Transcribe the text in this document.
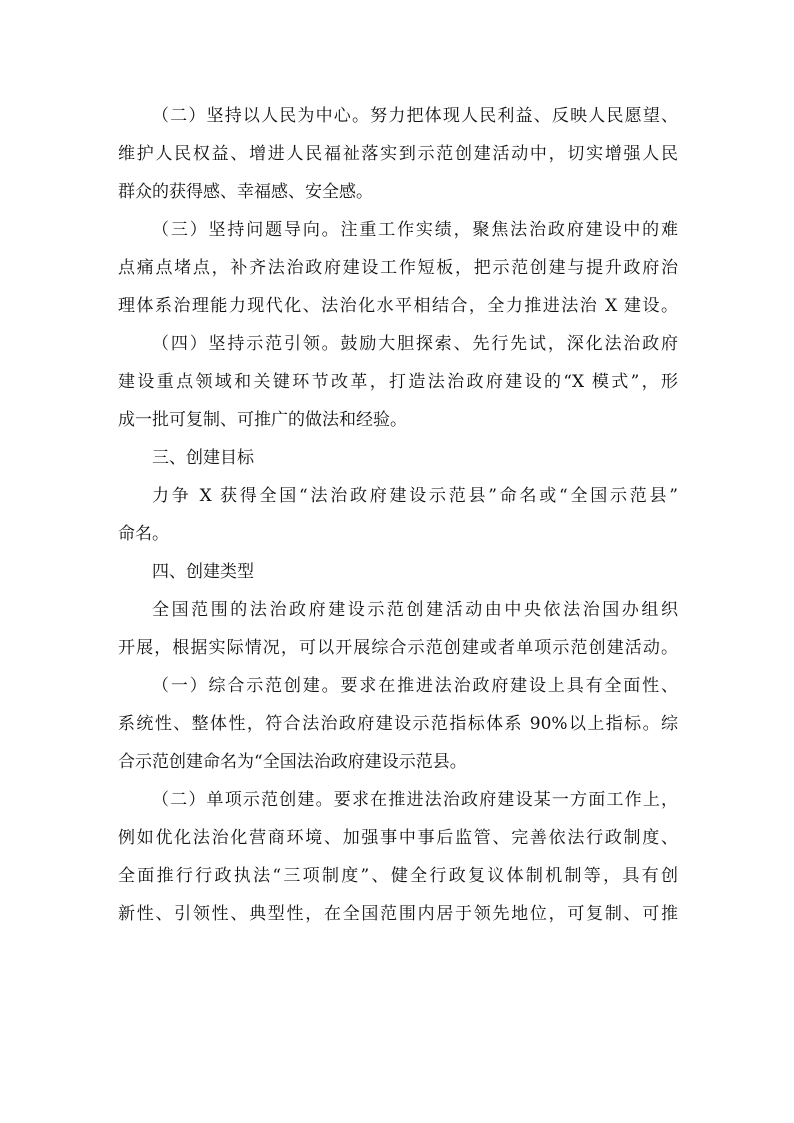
（二）坚持以人民为中心。努力把体现人民利益、反映人民愿望、
维护人民权益、增进人民福祉落实到示范创建活动中，切实增强人民
群众的获得感、幸福感、安全感。
（三）坚持问题导向。注重工作实绩，聚焦法治政府建设中的难
点痛点堵点，补齐法治政府建设工作短板，把示范创建与提升政府治
理体系治理能力现代化、法治化水平相结合，全力推进法治 X 建设。
（四）坚持示范引领。鼓励大胆探索、先行先试，深化法治政府
建设重点领域和关键环节改革，打造法治政府建设的“X 模式”，形
成一批可复制、可推广的做法和经验。
三、创建目标
力争 X 获得全国“法治政府建设示范县”命名或“全国示范县”
命名。
四、创建类型
全国范围的法治政府建设示范创建活动由中央依法治国办组织
开展，根据实际情况，可以开展综合示范创建或者单项示范创建活动。
（一）综合示范创建。要求在推进法治政府建设上具有全面性、
系统性、整体性，符合法治政府建设示范指标体系 90%以上指标。综
合示范创建命名为“全国法治政府建设示范县。
（二）单项示范创建。要求在推进法治政府建设某一方面工作上，
例如优化法治化营商环境、加强事中事后监管、完善依法行政制度、
全面推行行政执法“三项制度”、健全行政复议体制机制等，具有创
新性、引领性、典型性，在全国范围内居于领先地位，可复制、可推
